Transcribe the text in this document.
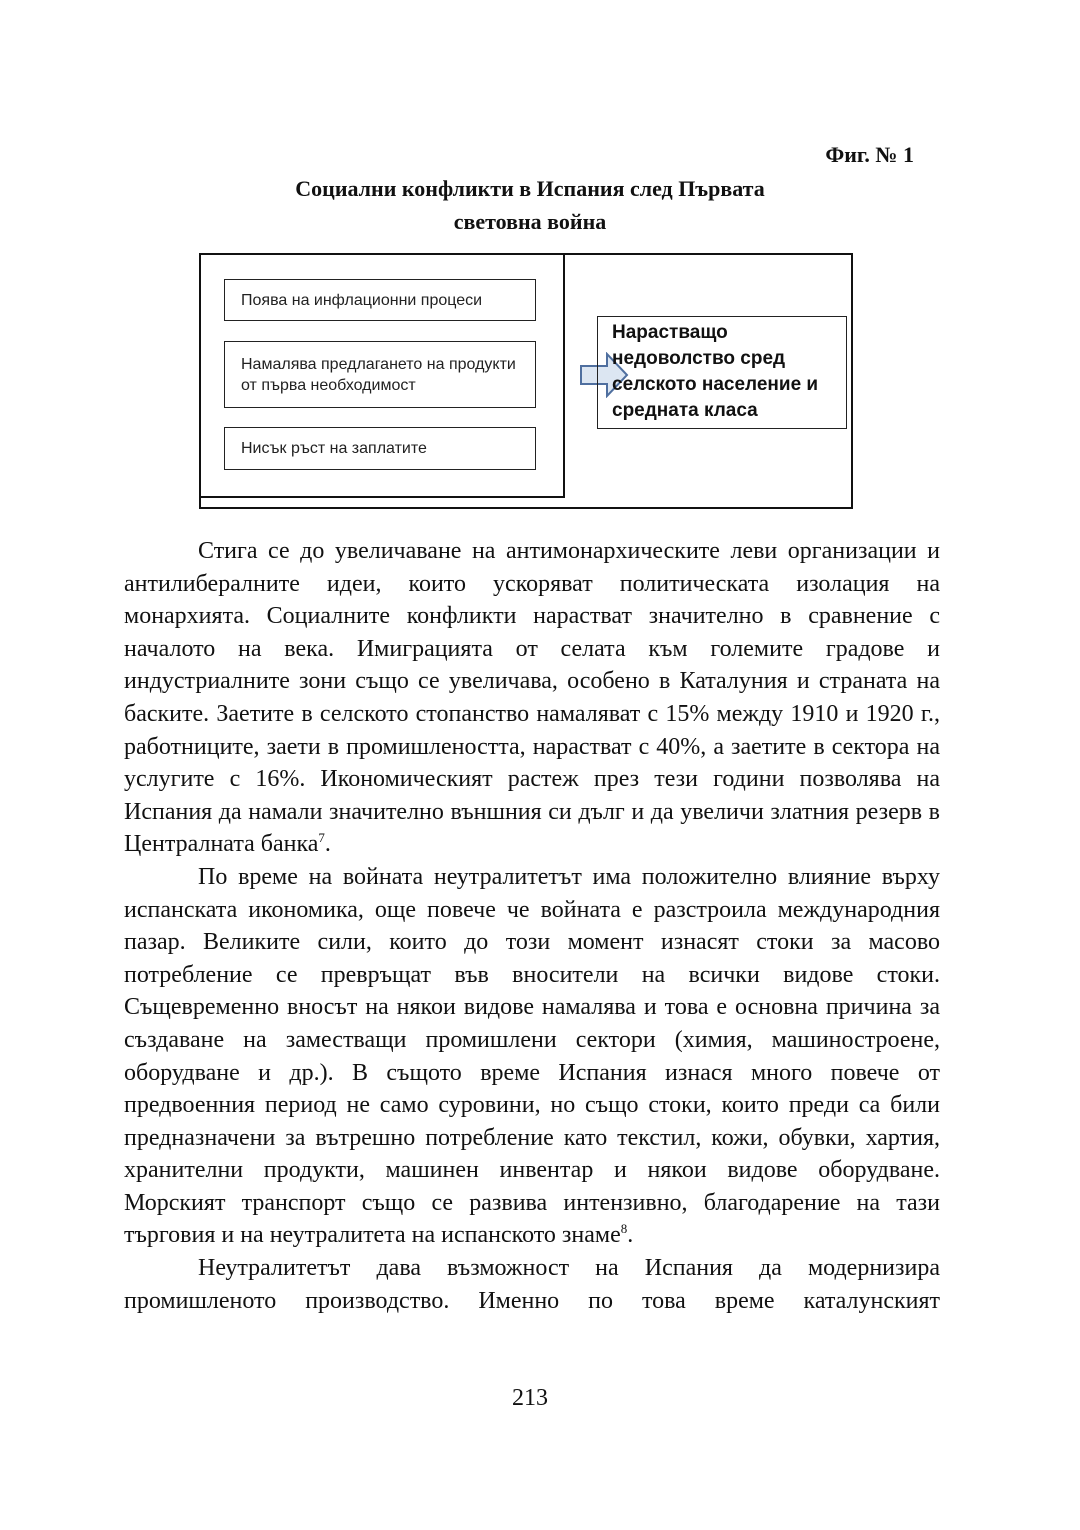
Фиг. № 1
Социални конфликти в Испания след Първата
световна война
Поява на инфлационни процеси
Намалява предлагането на продукти от първа необходимост
Нисък ръст на заплатите
Нарастващо недоволство сред селското население и средната класа

Стига се до увеличаване на антимонархическите леви организации и антилибералните идеи, които ускоряват политическата изолация на монархията. Социалните конфликти нарастват значително в сравнение с началото на века. Имиграцията от селата към големите градове и индустриалните зони също се увеличава, особено в Каталуния и страната на баските. Заетите в селското стопанство намаляват с 15% между 1910 и 1920 г., работниците, заети в промишлеността, нарастват с 40%, а заетите в сектора на услугите с 16%. Икономическият растеж през тези години позволява на Испания да намали значително външния си дълг и да увеличи златния резерв в Централната банка$^7$.

По време на войната неутралитетът има положително влияние върху испанската икономика, още повече че войната е разстроила международния пазар. Великите сили, които до този момент изнасят стоки за масово потребление се превръщат във вносители на всички видове стоки. Същевременно вносът на някои видове намалява и това е основна причина за създаване на заместващи промишлени сектори (химия, машиностроене, оборудване и др.). В същото време Испания изнася много повече от предвоенния период не само суровини, но също стоки, които преди са били предназначени за вътрешно потребление като текстил, кожи, обувки, хартия, хранителни продукти, машинен инвентар и някои видове оборудване. Морският транспорт също се развива интензивно, благодарение на тази търговия и на неутралитета на испанското знаме$^8$.

Неутралитетът дава възможност на Испания да модернизира промишленото производство. Именно по това време каталунският

213
